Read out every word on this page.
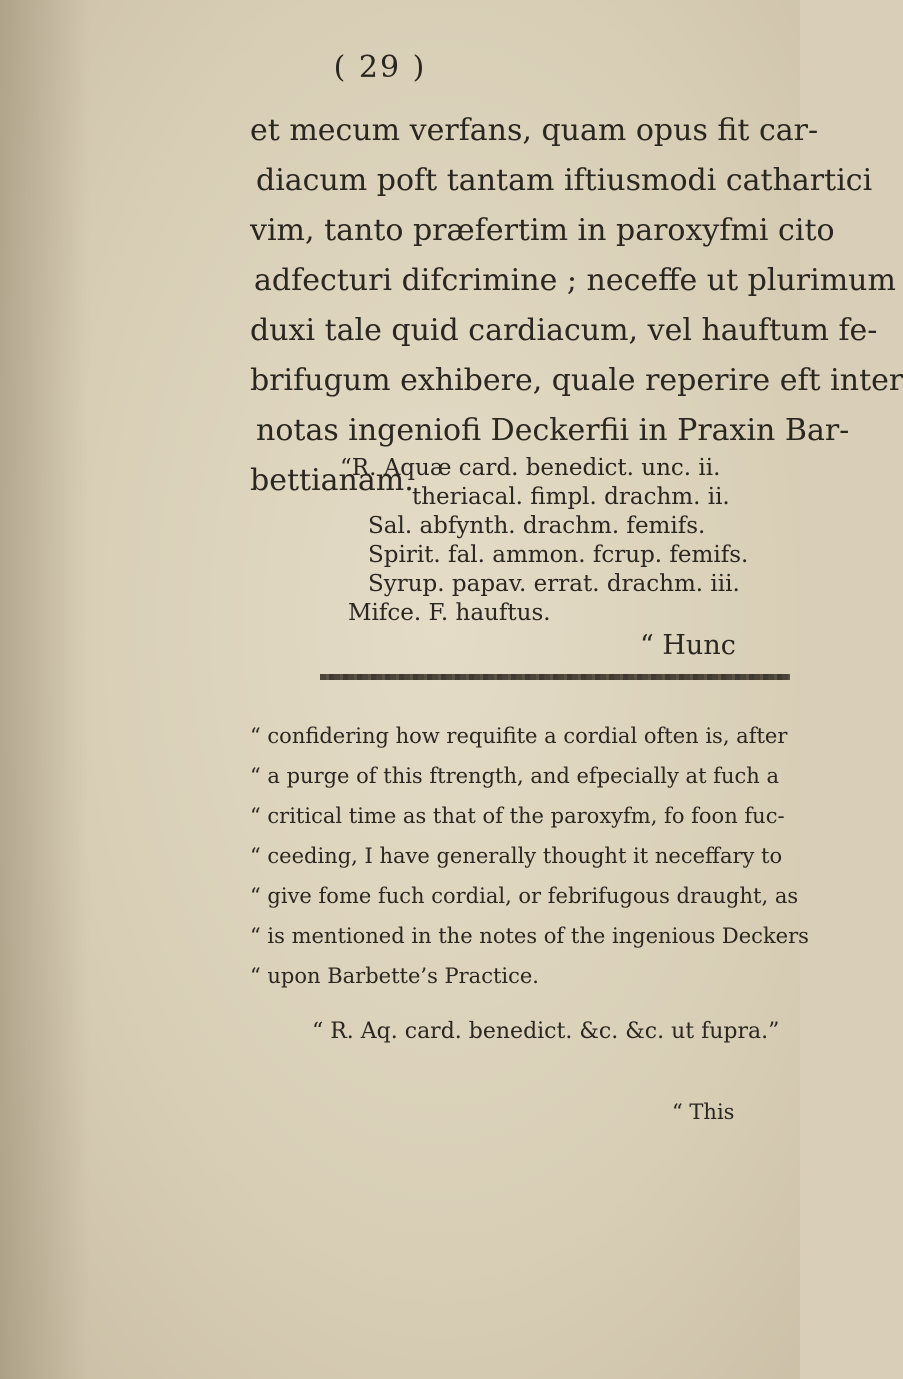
( 29 )
et mecum verfans, quam opus fit car-
diacum poft tantam iftiusmodi cathartici
vim, tanto præfertim in paroxyfmi cito
adfecturi difcrimine ; neceffe ut plurimum
duxi tale quid cardiacum, vel hauftum fe-
brifugum exhibere, quale reperire eft inter
notas ingeniofi Deckerfii in Praxin Bar-
bettianam.
“R. Aquæ card. benedict. unc. ii.
theriacal. fimpl. drachm. ii.
Sal. abfynth. drachm. femifs.
Spirit. fal. ammon. fcrup. femifs.
Syrup. papav. errat. drachm. iii.
Mifce. F. hauftus.
“ Hunc
“ confidering how requifite a cordial often is, after
“ a purge of this ftrength, and efpecially at fuch a
“ critical time as that of the paroxyfm, fo foon fuc-
“ ceeding, I have generally thought it neceffary to
“ give fome fuch cordial, or febrifugous draught, as
“ is mentioned in the notes of the ingenious Deckers
“ upon Barbette’s Practice.
“ R. Aq. card. benedict. &c. &c. ut fupra.”
“ This
